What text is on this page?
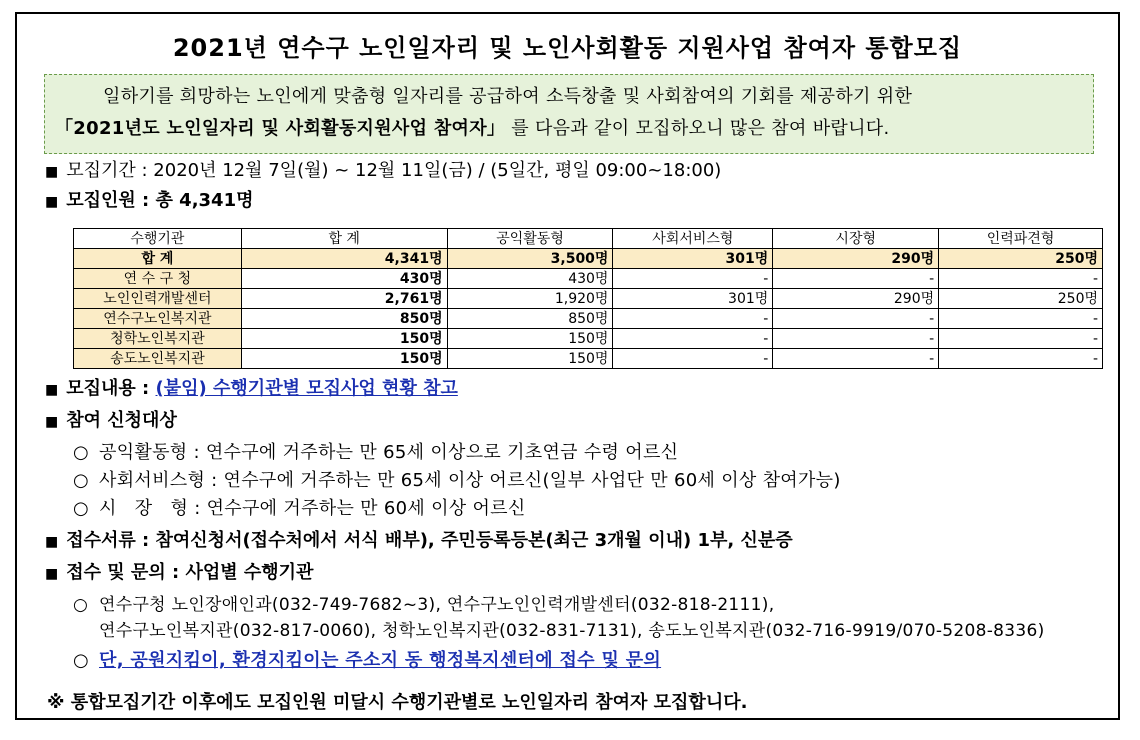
2021년 연수구 노인일자리 및 노인사회활동 지원사업 참여자 통합모집
일하기를 희망하는 노인에게 맞춤형 일자리를 공급하여 소득창출 및 사회참여의 기회를 제공하기 위한
「2021년도 노인일자리 및 사회활동지원사업 참여자」 를 다음과 같이 모집하오니 많은 참여 바랍니다.
■ 모집기간 : 2020년 12월 7일(월) ~ 12월 11일(금) / (5일간, 평일 09:00~18:00)
■ 모집인원 : 총 4,341명
수행기관	합 계	공익활동형	사회서비스형	시장형	인력파견형
합 계	4,341명	3,500명	301명	290명	250명
연 수 구 청	430명	430명	-	-	-
노인인력개발센터	2,761명	1,920명	301명	290명	250명
연수구노인복지관	850명	850명	-	-	-
청학노인복지관	150명	150명	-	-	-
송도노인복지관	150명	150명	-	-	-
■ 모집내용 : (붙임) 수행기관별 모집사업 현황 참고
■ 참여 신청대상
○ 공익활동형 : 연수구에 거주하는 만 65세 이상으로 기초연금 수령 어르신
○ 사회서비스형 : 연수구에 거주하는 만 65세 이상 어르신(일부 사업단 만 60세 이상 참여가능)
○ 시   장   형 : 연수구에 거주하는 만 60세 이상 어르신
■ 접수서류 : 참여신청서(접수처에서 서식 배부), 주민등록등본(최근 3개월 이내) 1부, 신분증
■ 접수 및 문의 : 사업별 수행기관
○ 연수구청 노인장애인과(032-749-7682~3), 연수구노인인력개발센터(032-818-2111),
연수구노인복지관(032-817-0060), 청학노인복지관(032-831-7131), 송도노인복지관(032-716-9919/070-5208-8336)
○ 단, 공원지킴이, 환경지킴이는 주소지 동 행정복지센터에 접수 및 문의
※ 통합모집기간 이후에도 모집인원 미달시 수행기관별로 노인일자리 참여자 모집합니다.
